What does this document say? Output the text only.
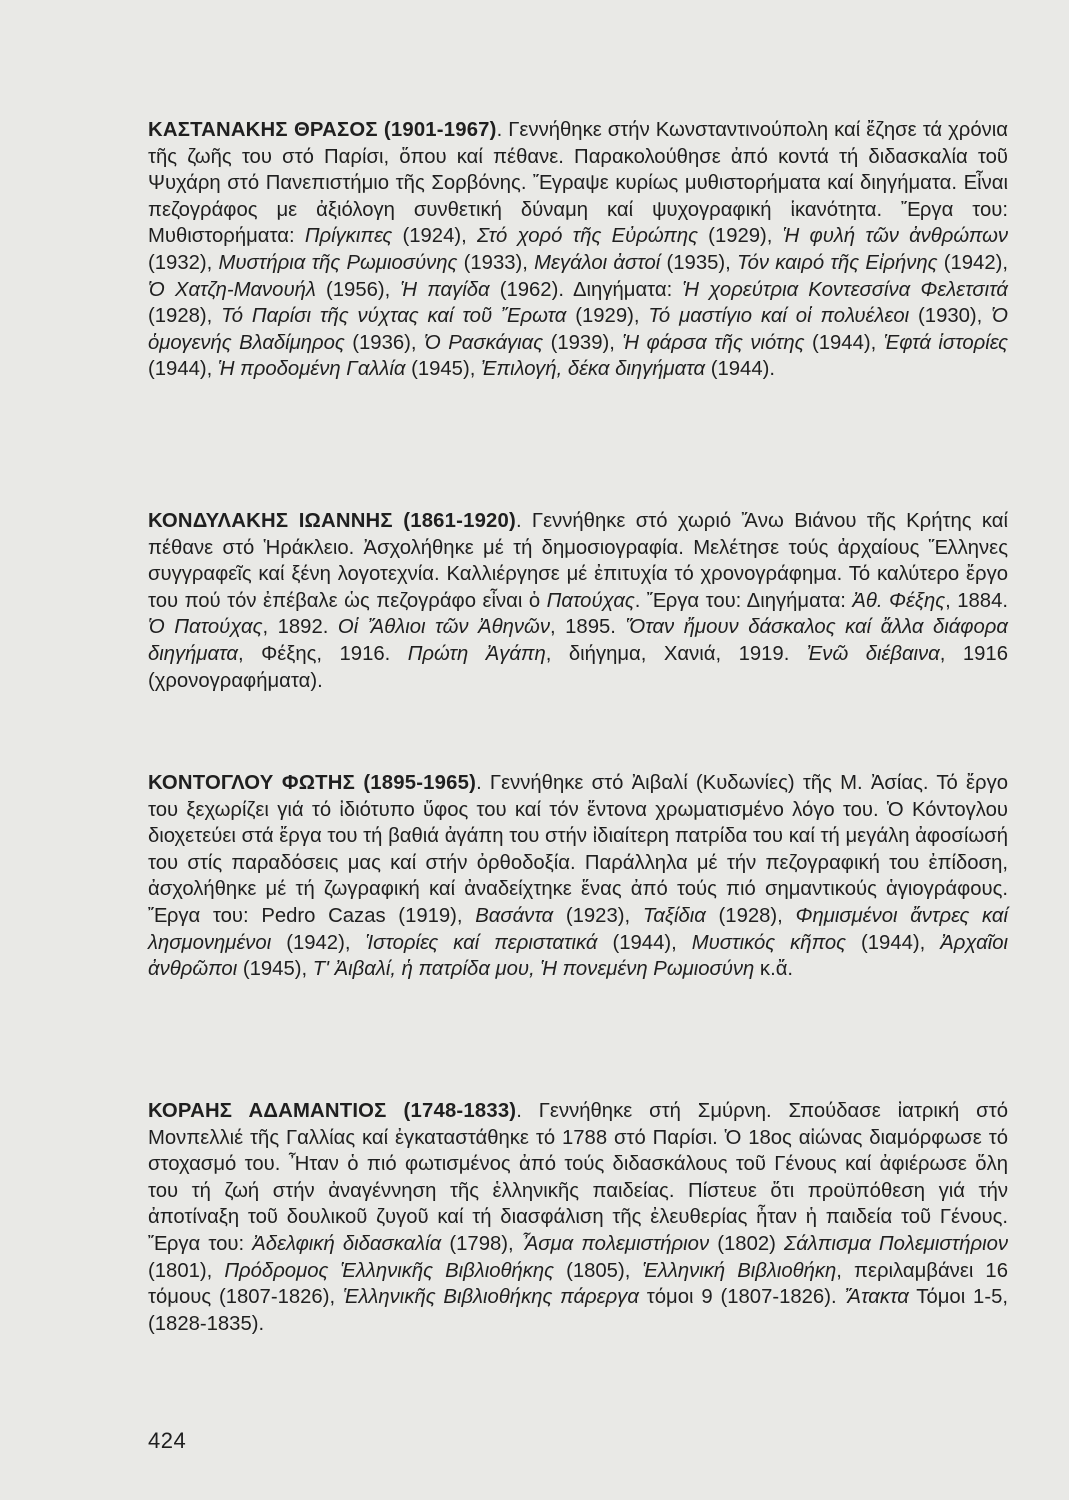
ΚΑΣΤΑΝΑΚΗΣ ΘΡΑΣΟΣ (1901-1967). Γεννήθηκε στήν Κωνσταντινούπολη καί ἔζησε τά χρόνια τῆς ζωῆς του στό Παρίσι, ὅπου καί πέθανε. Παρακολούθησε ἀπό κοντά τή διδασκαλία τοῦ Ψυχάρη στό Πανεπιστήμιο τῆς Σορβόνης. Ἔγραψε κυρίως μυθιστορήματα καί διηγήματα. Εἶναι πεζογράφος με ἀξιόλογη συνθετική δύναμη καί ψυχογραφική ἱκανότητα. Ἔργα του: Μυθιστορήματα: Πρίγκιπες (1924), Στό χορό τῆς Εὐρώπης (1929), Ἡ φυλή τῶν ἀνθρώπων (1932), Μυστήρια τῆς Ρωμιοσύνης (1933), Μεγάλοι ἀστοί (1935), Τόν καιρό τῆς Εἰρήνης (1942), Ὁ Χατζη-Μανουήλ (1956), Ἡ παγίδα (1962). Διηγήματα: Ἡ χορεύτρια Κοντεσσίνα Φελετσιτά (1928), Τό Παρίσι τῆς νύχτας καί τοῦ Ἔρωτα (1929), Τό μαστίγιο καί οἱ πολυέλεοι (1930), Ὁ ὁμογενής Βλαδίμηρος (1936), Ὁ Ρασκάγιας (1939), Ἡ φάρσα τῆς νιότης (1944), Ἑφτά ἱστορίες (1944), Ἡ προδομένη Γαλλία (1945), Ἐπιλογή, δέκα διηγήματα (1944).
ΚΟΝΔΥΛΑΚΗΣ ΙΩΑΝΝΗΣ (1861-1920). Γεννήθηκε στό χωριό Ἄνω Βιάνου τῆς Κρήτης καί πέθανε στό Ἡράκλειο. Ἀσχολήθηκε μέ τή δημοσιογραφία. Μελέτησε τούς ἀρχαίους Ἕλληνες συγγραφεῖς καί ξένη λογοτεχνία. Καλλιέργησε μέ ἐπιτυχία τό χρονογράφημα. Τό καλύτερο ἔργο του πού τόν ἐπέβαλε ὡς πεζογράφο εἶναι ὁ Πατούχας. Ἔργα του: Διηγήματα: Ἀθ. Φέξης, 1884. Ὁ Πατούχας, 1892. Οἱ Ἄθλιοι τῶν Ἀθηνῶν, 1895. Ὅταν ἤμουν δάσκαλος καί ἄλλα διάφορα διηγήματα, Φέξης, 1916. Πρώτη Ἀγάπη, διήγημα, Χανιά, 1919. Ἐνῶ διέβαινα, 1916 (χρονογραφήματα).
ΚΟΝΤΟΓΛΟΥ ΦΩΤΗΣ (1895-1965). Γεννήθηκε στό Ἀιβαλί (Κυδωνίες) τῆς Μ. Ἀσίας. Τό ἔργο του ξεχωρίζει γιά τό ἰδιότυπο ὕφος του καί τόν ἔντονα χρωματισμένο λόγο του. Ὁ Κόντογλου διοχετεύει στά ἔργα του τή βαθιά ἀγάπη του στήν ἰδιαίτερη πατρίδα του καί τή μεγάλη ἀφοσίωσή του στίς παραδόσεις μας καί στήν ὀρθοδοξία. Παράλληλα μέ τήν πεζογραφική του ἐπίδοση, ἀσχολήθηκε μέ τή ζωγραφική καί ἀναδείχτηκε ἕνας ἀπό τούς πιό σημαντικούς ἁγιογράφους. Ἔργα του: Pedro Cazas (1919), Βασάντα (1923), Ταξίδια (1928), Φημισμένοι ἄντρες καί λησμονημένοι (1942), Ἱστορίες καί περιστατικά (1944), Μυστικός κῆπος (1944), Ἀρχαῖοι ἀνθρῶποι (1945), Τ' Ἀιβαλί, ἡ πατρίδα μου, Ἡ πονεμένη Ρωμιοσύνη κ.ἄ.
ΚΟΡΑΗΣ ΑΔΑΜΑΝΤΙΟΣ (1748-1833). Γεννήθηκε στή Σμύρνη. Σπούδασε ἰατρική στό Μονπελλιέ τῆς Γαλλίας καί ἐγκαταστάθηκε τό 1788 στό Παρίσι. Ὁ 18ος αἰώνας διαμόρφωσε τό στοχασμό του. Ἦταν ὁ πιό φωτισμένος ἀπό τούς διδασκάλους τοῦ Γένους καί ἀφιέρωσε ὅλη του τή ζωή στήν ἀναγέννηση τῆς ἑλληνικῆς παιδείας. Πίστευε ὅτι προϋπόθεση γιά τήν ἀποτίναξη τοῦ δουλικοῦ ζυγοῦ καί τή διασφάλιση τῆς ἐλευθερίας ἦταν ἡ παιδεία τοῦ Γένους. Ἔργα του: Ἀδελφική διδασκαλία (1798), Ἆσμα πολεμιστήριον (1802) Σάλπισμα Πολεμιστήριον (1801), Πρόδρομος Ἑλληνικῆς Βιβλιοθήκης (1805), Ἑλληνική Βιβλιοθήκη, περιλαμβάνει 16 τόμους (1807-1826), Ἑλληνικῆς Βιβλιοθήκης πάρεργα τόμοι 9 (1807-1826). Ἄτακτα Τόμοι 1-5, (1828-1835).
424
